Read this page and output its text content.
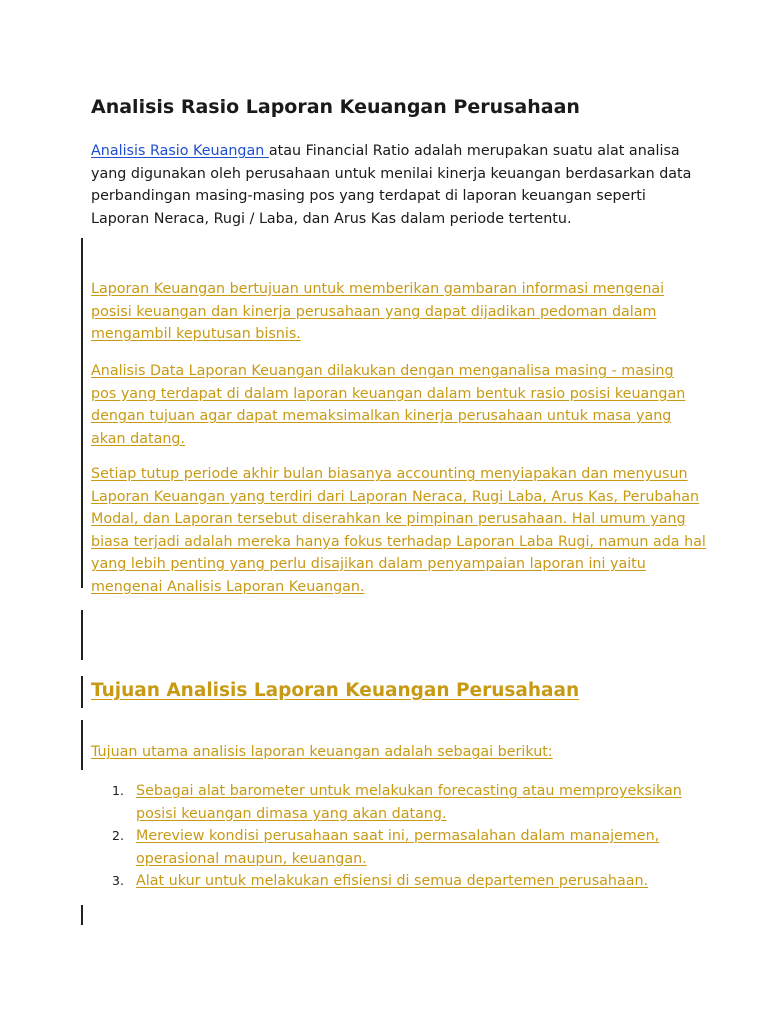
Analisis Rasio Laporan Keuangan Perusahaan

Analisis Rasio Keuangan atau Financial Ratio adalah merupakan suatu alat analisa
yang digunakan oleh perusahaan untuk menilai kinerja keuangan berdasarkan data
perbandingan masing-masing pos yang terdapat di laporan keuangan seperti
Laporan Neraca, Rugi / Laba, dan Arus Kas dalam periode tertentu.

Laporan Keuangan bertujuan untuk memberikan gambaran informasi mengenai
posisi keuangan dan kinerja perusahaan yang dapat dijadikan pedoman dalam
mengambil keputusan bisnis.

Analisis Data Laporan Keuangan dilakukan dengan menganalisa masing - masing
pos yang terdapat di dalam laporan keuangan dalam bentuk rasio posisi keuangan
dengan tujuan agar dapat memaksimalkan kinerja perusahaan untuk masa yang
akan datang.

Setiap tutup periode akhir bulan biasanya accounting menyiapakan dan menyusun
Laporan Keuangan yang terdiri dari Laporan Neraca, Rugi Laba, Arus Kas, Perubahan
Modal, dan Laporan tersebut diserahkan ke pimpinan perusahaan. Hal umum yang
biasa terjadi adalah mereka hanya fokus terhadap Laporan Laba Rugi, namun ada hal
yang lebih penting yang perlu disajikan dalam penyampaian laporan ini yaitu
mengenai Analisis Laporan Keuangan.

Tujuan Analisis Laporan Keuangan Perusahaan

Tujuan utama analisis laporan keuangan adalah sebagai berikut:

1. Sebagai alat barometer untuk melakukan forecasting atau memproyeksikan
posisi keuangan dimasa yang akan datang.
2. Mereview kondisi perusahaan saat ini, permasalahan dalam manajemen,
operasional maupun, keuangan.
3. Alat ukur untuk melakukan efisiensi di semua departemen perusahaan.
